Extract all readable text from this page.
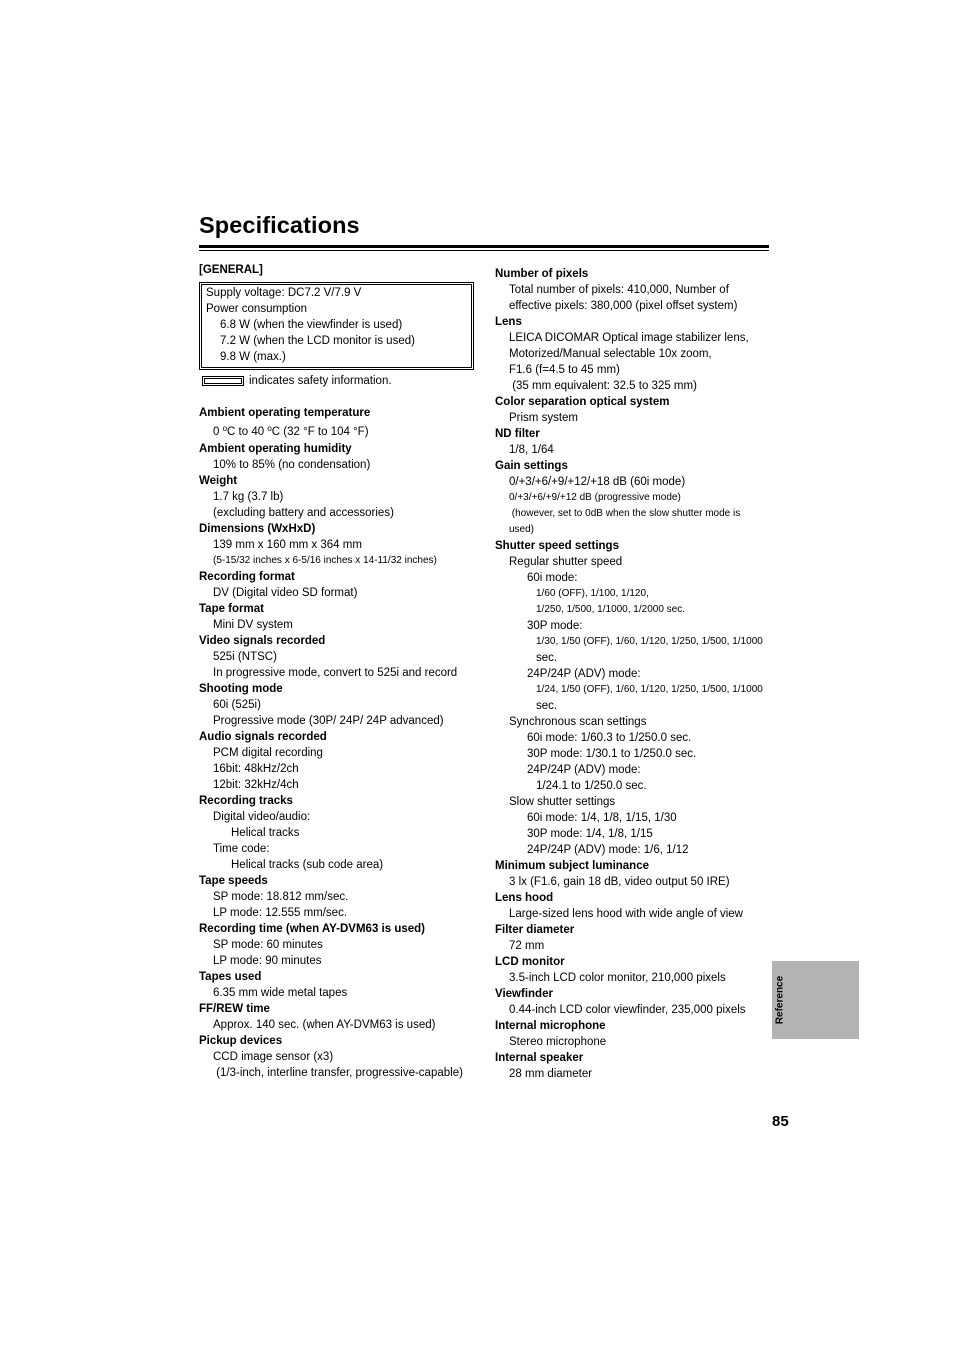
Specifications
[GENERAL]
Supply voltage: DC7.2 V/7.9 V
Power consumption
6.8 W (when the viewfinder is used)
7.2 W (when the LCD monitor is used)
9.8 W (max.)
indicates safety information.
Ambient operating temperature
0 $^o$C to 40 $^o$C (32 °F to 104 °F)
Ambient operating humidity
10% to 85% (no condensation)
Weight
1.7 kg (3.7 lb)
(excluding battery and accessories)
Dimensions (WxHxD)
139 mm x 160 mm x 364 mm
(5-15/32 inches x 6-5/16 inches x 14-11/32 inches)
Recording format
DV (Digital video SD format)
Tape format
Mini DV system
Video signals recorded
525i (NTSC)
In progressive mode, convert to 525i and record
Shooting mode
60i (525i)
Progressive mode (30P/ 24P/ 24P advanced)
Audio signals recorded
PCM digital recording
16bit: 48kHz/2ch
12bit: 32kHz/4ch
Recording tracks
Digital video/audio:
Helical tracks
Time code:
Helical tracks (sub code area)
Tape speeds
SP mode: 18.812 mm/sec.
LP mode: 12.555 mm/sec.
Recording time (when AY-DVM63 is used)
SP mode: 60 minutes
LP mode: 90 minutes
Tapes used
6.35 mm wide metal tapes
FF/REW time
Approx. 140 sec. (when AY-DVM63 is used)
Pickup devices
CCD image sensor (x3)
(1/3-inch, interline transfer, progressive-capable)
Number of pixels
Total number of pixels: 410,000, Number of
effective pixels: 380,000 (pixel offset system)
Lens
LEICA DICOMAR Optical image stabilizer lens,
Motorized/Manual selectable 10x zoom,
F1.6 (f=4.5 to 45 mm)
(35 mm equivalent: 32.5 to 325 mm)
Color separation optical system
Prism system
ND filter
1/8, 1/64
Gain settings
0/+3/+6/+9/+12/+18 dB (60i mode)
0/+3/+6/+9/+12 dB (progressive mode)
(however, set to 0dB when the slow shutter mode is
used)
Shutter speed settings
Regular shutter speed
60i mode:
1/60 (OFF), 1/100, 1/120,
1/250, 1/500, 1/1000, 1/2000 sec.
30P mode:
1/30, 1/50 (OFF), 1/60, 1/120, 1/250, 1/500, 1/1000
sec.
24P/24P (ADV) mode:
1/24, 1/50 (OFF), 1/60, 1/120, 1/250, 1/500, 1/1000
sec.
Synchronous scan settings
60i mode: 1/60.3 to 1/250.0 sec.
30P mode: 1/30.1 to 1/250.0 sec.
24P/24P (ADV) mode:
1/24.1 to 1/250.0 sec.
Slow shutter settings
60i mode: 1/4, 1/8, 1/15, 1/30
30P mode: 1/4, 1/8, 1/15
24P/24P (ADV) mode: 1/6, 1/12
Minimum subject luminance
3 lx (F1.6, gain 18 dB, video output 50 IRE)
Lens hood
Large-sized lens hood with wide angle of view
Filter diameter
72 mm
LCD monitor
3.5-inch LCD color monitor, 210,000 pixels
Viewfinder
0.44-inch LCD color viewfinder, 235,000 pixels
Internal microphone
Stereo microphone
Internal speaker
28 mm diameter
Reference
85
